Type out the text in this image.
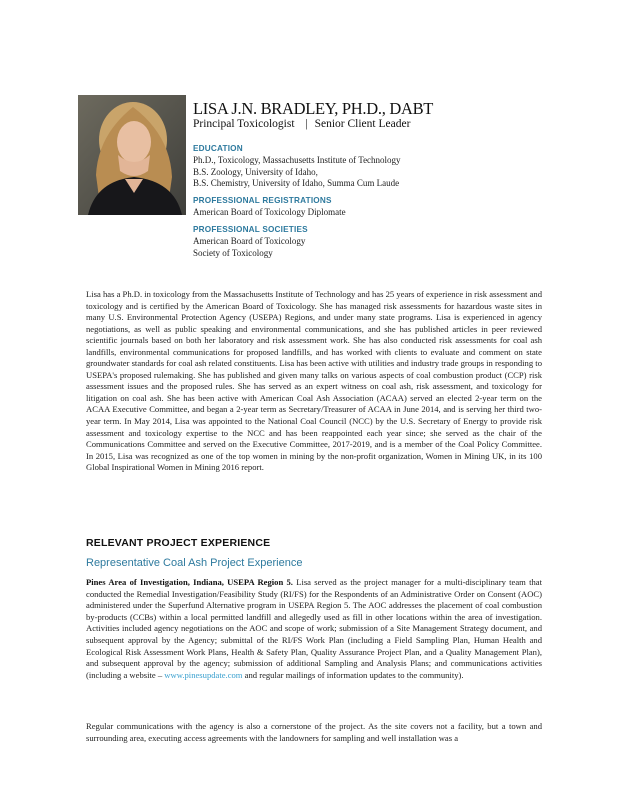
LISA J.N. BRADLEY, PH.D., DABT
Principal Toxicologist | Senior Client Leader
EDUCATION
Ph.D., Toxicology, Massachusetts Institute of Technology
B.S. Zoology, University of Idaho,
B.S. Chemistry, University of Idaho, Summa Cum Laude
PROFESSIONAL REGISTRATIONS
American Board of Toxicology Diplomate
PROFESSIONAL SOCIETIES
American Board of Toxicology
Society of Toxicology
Lisa has a Ph.D. in toxicology from the Massachusetts Institute of Technology and has 25 years of experience in risk assessment and toxicology and is certified by the American Board of Toxicology. She has managed risk assessments for hazardous waste sites in many U.S. Environmental Protection Agency (USEPA) Regions, and under many state programs. Lisa is experienced in agency negotiations, as well as public speaking and environmental communications, and she has published articles in peer reviewed scientific journals based on both her laboratory and risk assessment work. She has also conducted risk assessments for coal ash landfills, environmental communications for proposed landfills, and has worked with clients to evaluate and comment on state groundwater standards for coal ash related constituents. Lisa has been active with utilities and industry trade groups in responding to USEPA's proposed rulemaking. She has published and given many talks on various aspects of coal combustion product (CCP) risk assessment issues and the proposed rules. She has served as an expert witness on coal ash, risk assessment, and toxicology for litigation on coal ash. She has been active with American Coal Ash Association (ACAA) served an elected 2-year term on the ACAA Executive Committee, and began a 2-year term as Secretary/Treasurer of ACAA in June 2014, and is serving her third two-year term. In May 2014, Lisa was appointed to the National Coal Council (NCC) by the U.S. Secretary of Energy to provide risk assessment and toxicology expertise to the NCC and has been reappointed each year since; she served as the chair of the Communications Committee and served on the Executive Committee, 2017-2019, and is a member of the Coal Policy Committee. In 2015, Lisa was recognized as one of the top women in mining by the non-profit organization, Women in Mining UK, in its 100 Global Inspirational Women in Mining 2016 report.
RELEVANT PROJECT EXPERIENCE
Representative Coal Ash Project Experience
Pines Area of Investigation, Indiana, USEPA Region 5. Lisa served as the project manager for a multi-disciplinary team that conducted the Remedial Investigation/Feasibility Study (RI/FS) for the Respondents of an Administrative Order on Consent (AOC) administered under the Superfund Alternative program in USEPA Region 5. The AOC addresses the placement of coal combustion by-products (CCBs) within a local permitted landfill and allegedly used as fill in other locations within the area of investigation. Activities included agency negotiations on the AOC and scope of work; submission of a Site Management Strategy document, and subsequent approval by the Agency; submittal of the RI/FS Work Plan (including a Field Sampling Plan, Human Health and Ecological Risk Assessment Work Plans, Health & Safety Plan, Quality Assurance Project Plan, and a Quality Management Plan), and subsequent approval by the agency; submission of additional Sampling and Analysis Plans; and communications activities (including a website – www.pinesupdate.com and regular mailings of information updates to the community).
Regular communications with the agency is also a cornerstone of the project. As the site covers not a facility, but a town and surrounding area, executing access agreements with the landowners for sampling and well installation was a
